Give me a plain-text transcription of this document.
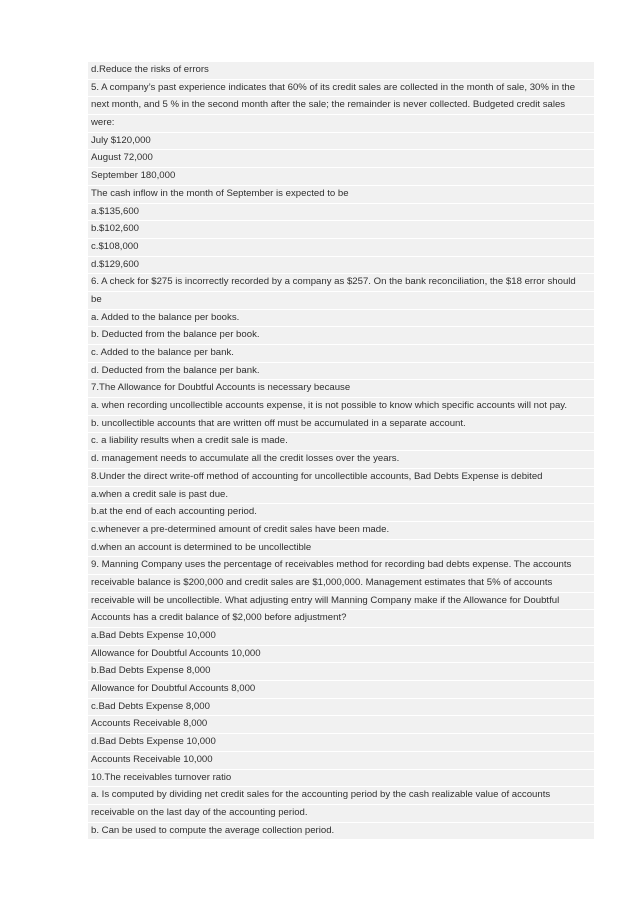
d.Reduce the risks of errors
5. A company’s past experience indicates that 60% of its credit sales are collected in the month of sale, 30% in the
next month, and 5 % in the second month after the sale; the remainder is never collected. Budgeted credit sales
were:
July $120,000
August 72,000
September 180,000
The cash inflow in the month of September is expected to be
a.$135,600
b.$102,600
c.$108,000
d.$129,600
6. A check for $275 is incorrectly recorded by a company as $257. On the bank reconciliation, the $18 error should
be
a. Added to the balance per books.
b. Deducted from the balance per book.
c. Added to the balance per bank.
d. Deducted from the balance per bank.
7.The Allowance for Doubtful Accounts is necessary because
a. when recording uncollectible accounts expense, it is not possible to know which specific accounts will not pay.
b. uncollectible accounts that are written off must be accumulated in a separate account.
c. a liability results when a credit sale is made.
d. management needs to accumulate all the credit losses over the years.
8.Under the direct write-off method of accounting for uncollectible accounts, Bad Debts Expense is debited
a.when a credit sale is past due.
b.at the end of each accounting period.
c.whenever a pre-determined amount of credit sales have been made.
d.when an account is determined to be uncollectible
9. Manning Company uses the percentage of receivables method for recording bad debts expense. The accounts
receivable balance is $200,000 and credit sales are $1,000,000. Management estimates that 5% of accounts
receivable will be uncollectible. What adjusting entry will Manning Company make if the Allowance for Doubtful
Accounts has a credit balance of $2,000 before adjustment?
a.Bad Debts Expense 10,000
Allowance for Doubtful Accounts 10,000
b.Bad Debts Expense 8,000
Allowance for Doubtful Accounts 8,000
c.Bad Debts Expense 8,000
Accounts Receivable 8,000
d.Bad Debts Expense 10,000
Accounts Receivable 10,000
10.The receivables turnover ratio
a. Is computed by dividing net credit sales for the accounting period by the cash realizable value of accounts
receivable on the last day of the accounting period.
b. Can be used to compute the average collection period.
